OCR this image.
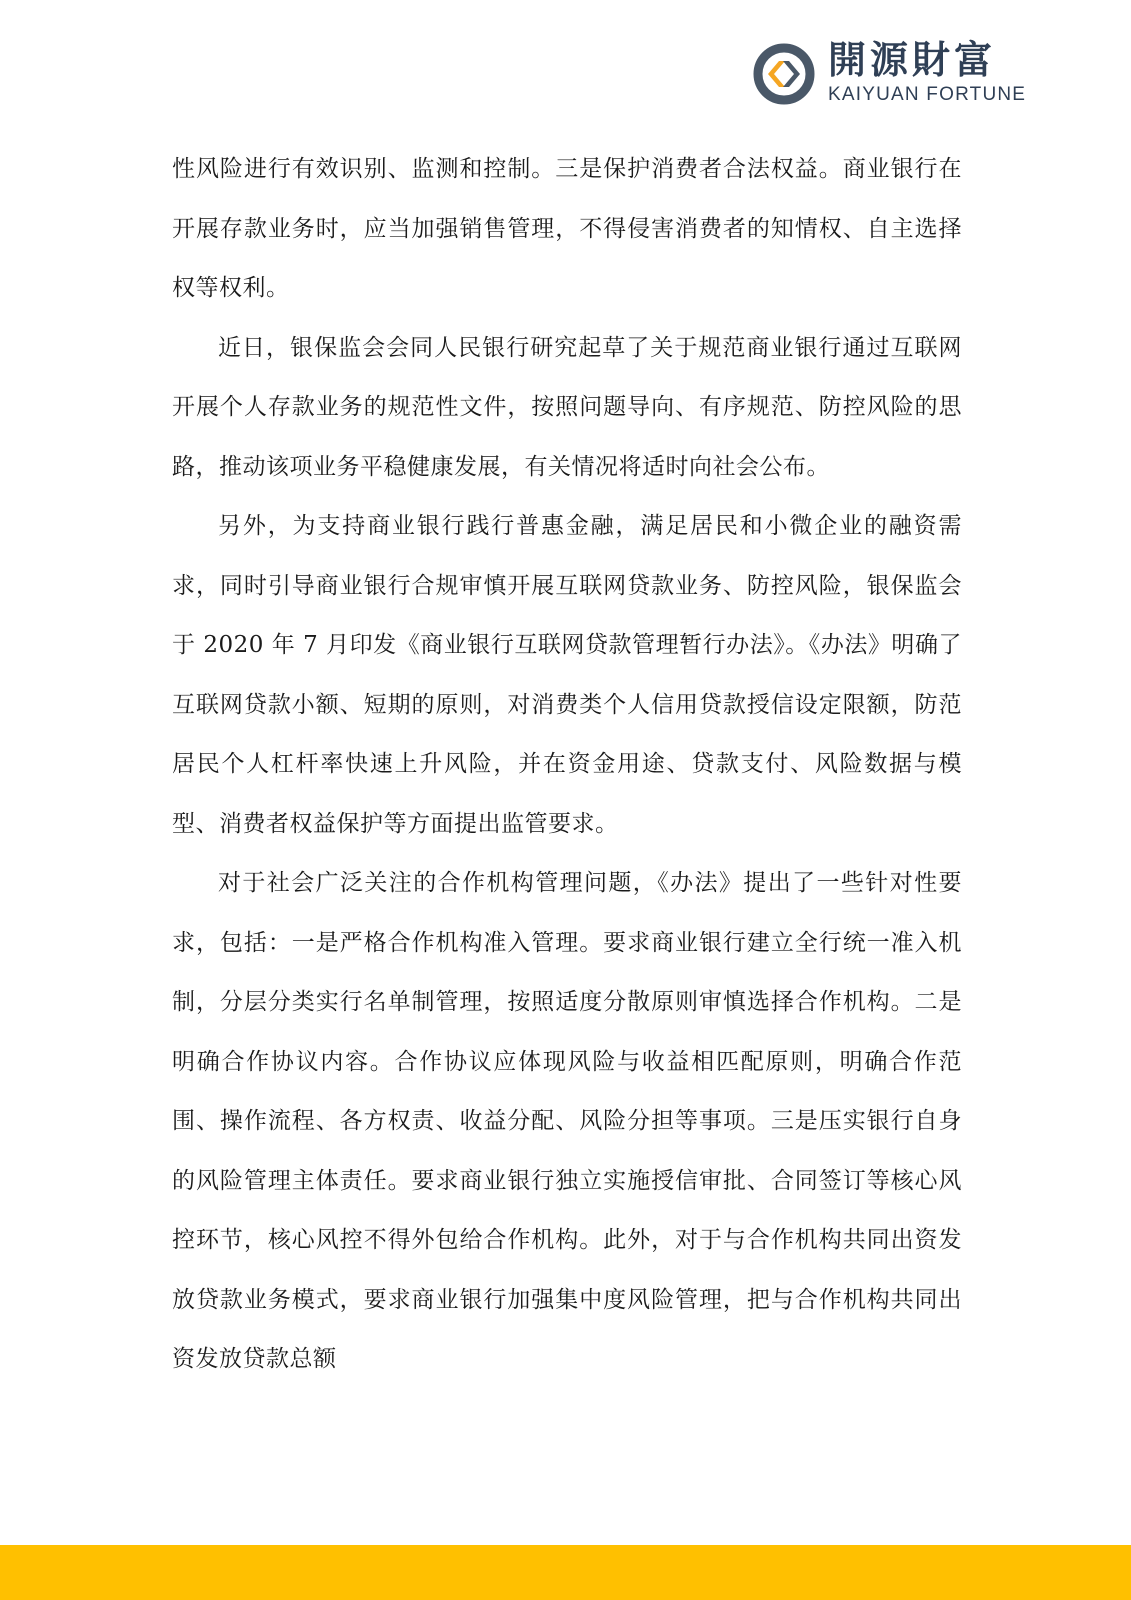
開源財富
KAIYUAN FORTUNE

性风险进行有效识别、监测和控制。三是保护消费者合法权益。商业银行在开展存款业务时，应当加强销售管理，不得侵害消费者的知情权、自主选择权等权利。

近日，银保监会会同人民银行研究起草了关于规范商业银行通过互联网开展个人存款业务的规范性文件，按照问题导向、有序规范、防控风险的思路，推动该项业务平稳健康发展，有关情况将适时向社会公布。

另外，为支持商业银行践行普惠金融，满足居民和小微企业的融资需求，同时引导商业银行合规审慎开展互联网贷款业务、防控风险，银保监会于 2020 年 7 月印发《商业银行互联网贷款管理暂行办法》。《办法》明确了互联网贷款小额、短期的原则，对消费类个人信用贷款授信设定限额，防范居民个人杠杆率快速上升风险，并在资金用途、贷款支付、风险数据与模型、消费者权益保护等方面提出监管要求。

对于社会广泛关注的合作机构管理问题，《办法》提出了一些针对性要求，包括：一是严格合作机构准入管理。要求商业银行建立全行统一准入机制，分层分类实行名单制管理，按照适度分散原则审慎选择合作机构。二是明确合作协议内容。合作协议应体现风险与收益相匹配原则，明确合作范围、操作流程、各方权责、收益分配、风险分担等事项。三是压实银行自身的风险管理主体责任。要求商业银行独立实施授信审批、合同签订等核心风控环节，核心风控不得外包给合作机构。此外，对于与合作机构共同出资发放贷款业务模式，要求商业银行加强集中度风险管理，把与合作机构共同出资发放贷款总额
